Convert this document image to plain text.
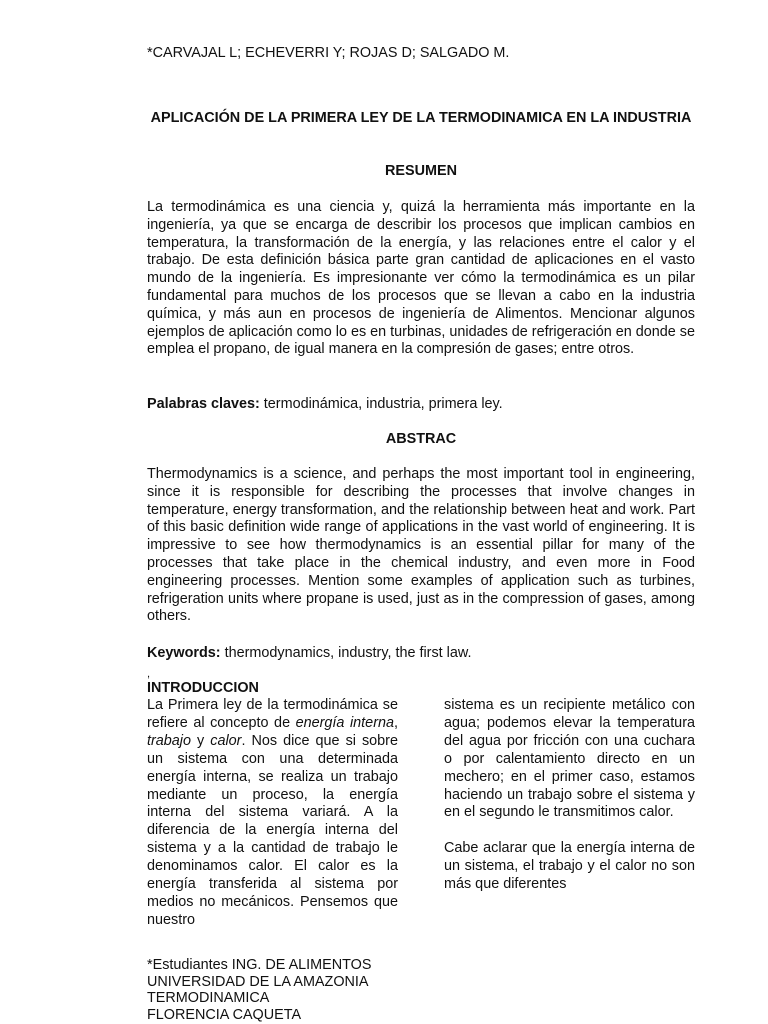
*CARVAJAL L; ECHEVERRI Y; ROJAS D; SALGADO M.
APLICACIÓN DE LA PRIMERA LEY DE LA TERMODINAMICA EN LA INDUSTRIA
RESUMEN
La termodinámica es una ciencia y, quizá la herramienta más importante en la ingeniería, ya que se encarga de describir los procesos que implican cambios en temperatura, la transformación de la energía, y las relaciones entre el calor y el trabajo. De esta definición básica parte gran cantidad de aplicaciones en el vasto mundo de la ingeniería. Es impresionante ver cómo la termodinámica es un pilar fundamental para muchos de los procesos que se llevan a cabo en la industria química, y más aun en procesos de ingeniería de Alimentos. Mencionar algunos ejemplos de aplicación como lo es en turbinas, unidades de refrigeración en donde se emplea el propano, de igual manera en la compresión de gases; entre otros.
Palabras claves: termodinámica, industria, primera ley.
ABSTRAC
Thermodynamics is a science, and perhaps the most important tool in engineering, since it is responsible for describing the processes that involve changes in temperature, energy transformation, and the relationship between heat and work. Part of this basic definition wide range of applications in the vast world of engineering. It is impressive to see how thermodynamics is an essential pillar for many of the processes that take place in the chemical industry, and even more in Food engineering processes. Mention some examples of application such as turbines, refrigeration units where propane is used, just as in the compression of gases, among others.
Keywords: thermodynamics, industry, the first law.
,
INTRODUCCION
La Primera ley de la termodinámica se refiere al concepto de energía interna, trabajo y calor. Nos dice que si sobre un sistema con una determinada energía interna, se realiza un trabajo mediante un proceso, la energía interna del sistema variará. A la diferencia de la energía interna del sistema y a la cantidad de trabajo le denominamos calor. El calor es la energía transferida al sistema por medios no mecánicos. Pensemos que nuestro
sistema es un recipiente metálico con agua; podemos elevar la temperatura del agua por fricción con una cuchara o por calentamiento directo en un mechero; en el primer caso, estamos haciendo un trabajo sobre el sistema y en el segundo le transmitimos calor.
Cabe aclarar que la energía interna de un sistema, el trabajo y el calor no son más que diferentes
*Estudiantes ING. DE ALIMENTOS
UNIVERSIDAD DE LA AMAZONIA
TERMODINAMICA
FLORENCIA CAQUETA
